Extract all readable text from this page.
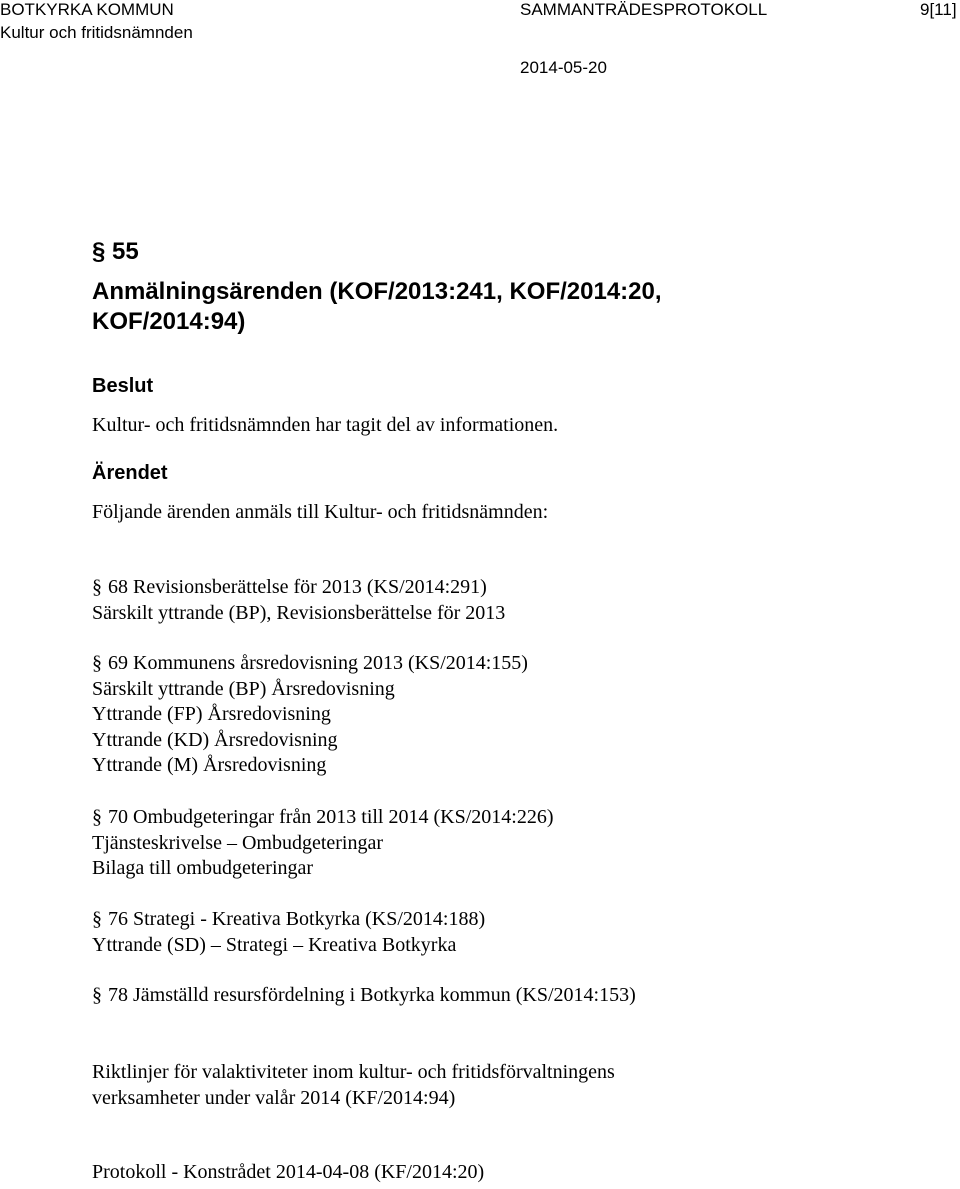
BOTKYRKA KOMMUN
Kultur och fritidsnämnden
SAMMANTRÄDESPROTOKOLL	9[11]
2014-05-20
§ 55
Anmälningsärenden (KOF/2013:241, KOF/2014:20,
KOF/2014:94)
Beslut
Kultur- och fritidsnämnden har tagit del av informationen.
Ärendet
Följande ärenden anmäls till Kultur- och fritidsnämnden:
§ 68 Revisionsberättelse för 2013 (KS/2014:291)
Särskilt yttrande (BP), Revisionsberättelse för 2013
§ 69 Kommunens årsredovisning 2013 (KS/2014:155)
Särskilt yttrande (BP) Årsredovisning
Yttrande (FP) Årsredovisning
Yttrande (KD) Årsredovisning
Yttrande (M) Årsredovisning
§ 70 Ombudgeteringar från 2013 till 2014 (KS/2014:226)
Tjänsteskrivelse – Ombudgeteringar
Bilaga till ombudgeteringar
§ 76 Strategi - Kreativa Botkyrka (KS/2014:188)
Yttrande (SD) – Strategi – Kreativa Botkyrka
§ 78 Jämställd resursfördelning i Botkyrka kommun (KS/2014:153)
Riktlinjer för valaktiviteter inom kultur- och fritidsförvaltningens
verksamheter under valår 2014 (KF/2014:94)
Protokoll - Konstrådet 2014-04-08 (KF/2014:20)
